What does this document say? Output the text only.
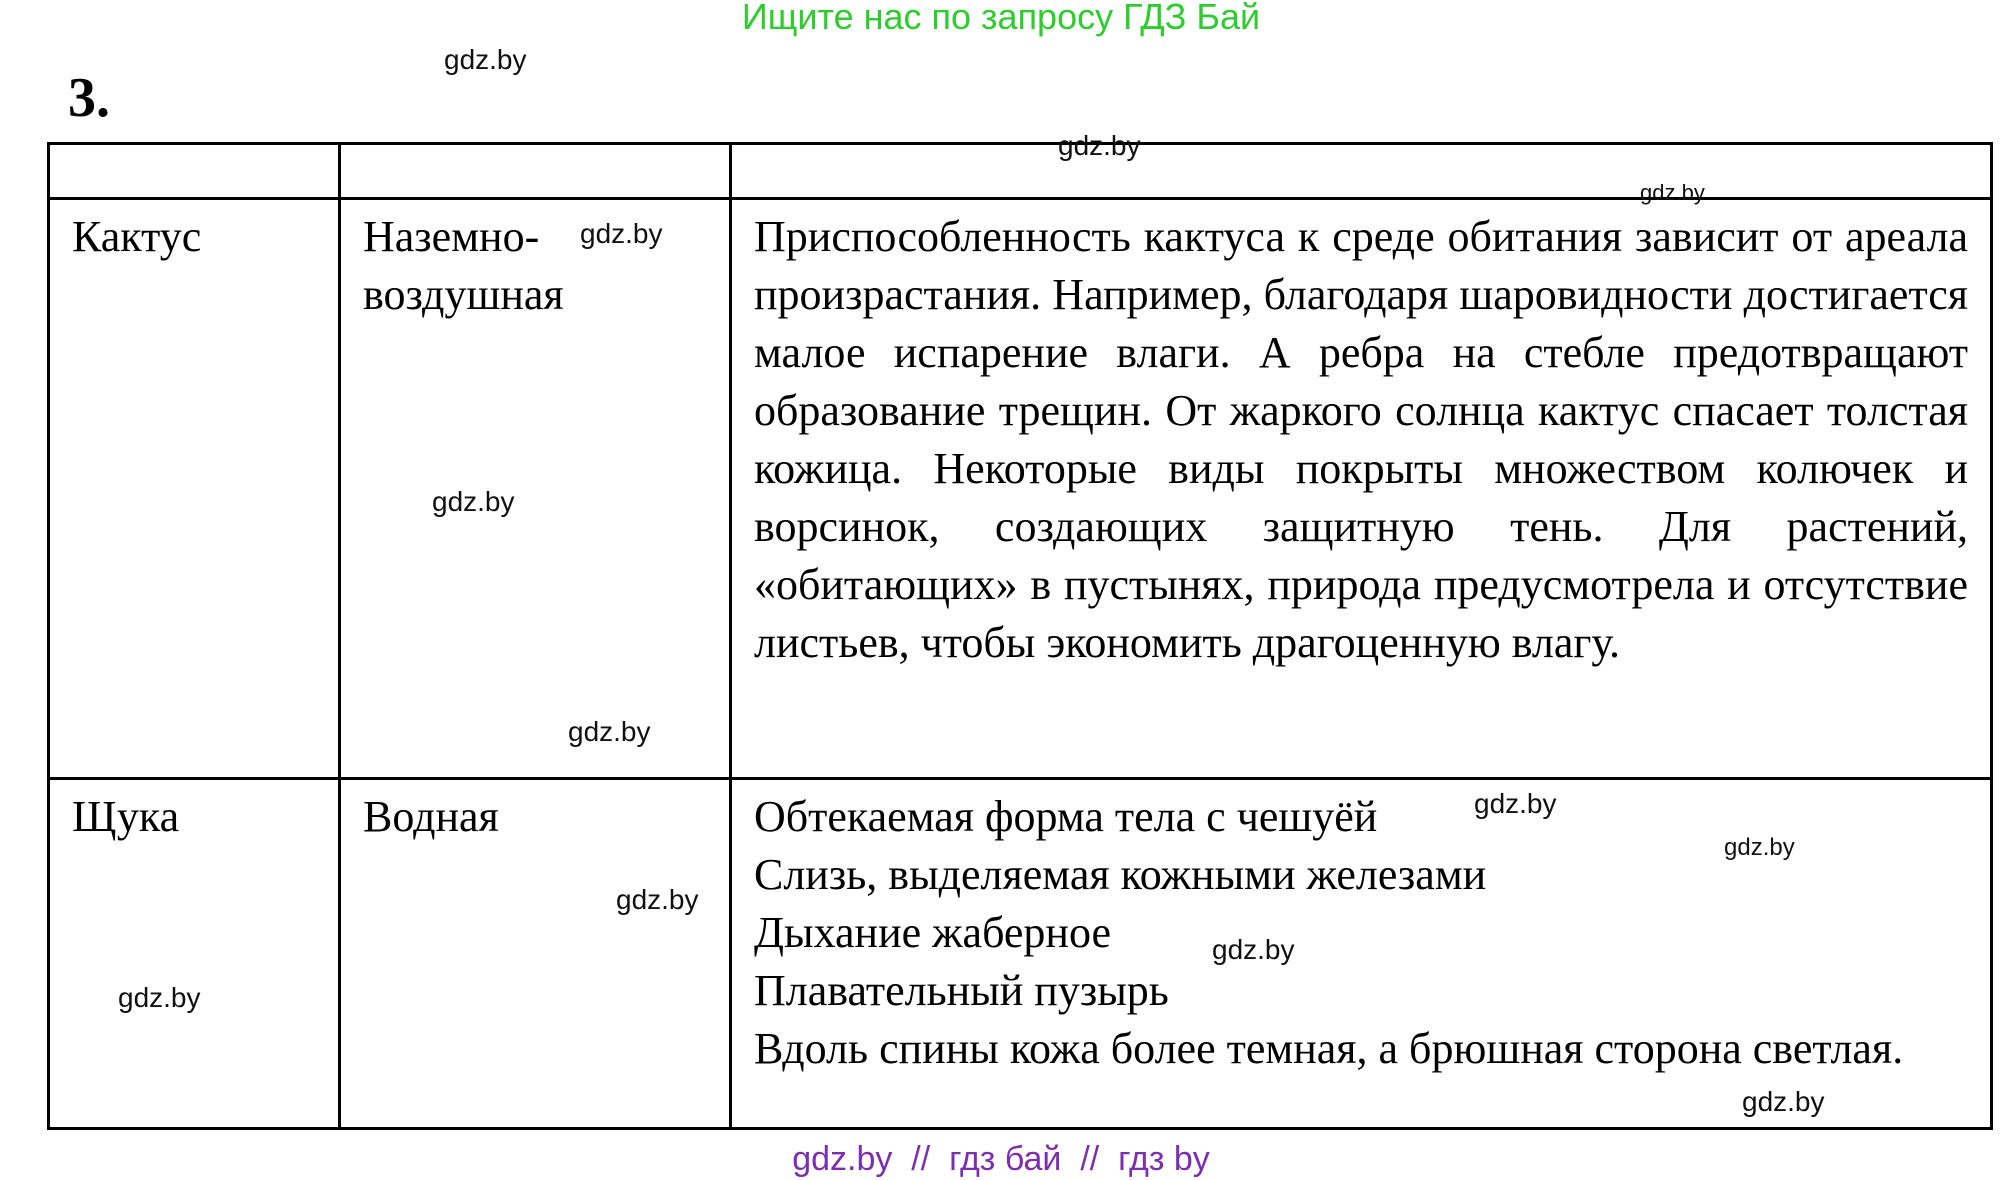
Ищите нас по запросу ГДЗ Бай
3.

Кактус	Наземно-воздушная	Приспособленность кактуса к среде обитания зависит от ареала произрастания. Например, благодаря шаровидности достигается малое испарение влаги. А ребра на стебле предотвращают образование трещин. От жаркого солнца кактус спасает толстая кожица. Некоторые виды покрыты множеством колючек и ворсинок, создающих защитную тень. Для растений, «обитающих» в пустынях, природа предусмотрела и отсутствие листьев, чтобы экономить драгоценную влагу.
Щука	Водная	Обтекаемая форма тела с чешуёй
Слизь, выделяемая кожными железами
Дыхание жаберное
Плавательный пузырь
Вдоль спины кожа более темная, а брюшная сторона светлая.
gdz.by
gdz.by
gdz.by
gdz.by
gdz.by
gdz.by
gdz.by
gdz.by
gdz.by
gdz.by
gdz.by
gdz.by
gdz.by  //  гдз бай  //  гдз by
